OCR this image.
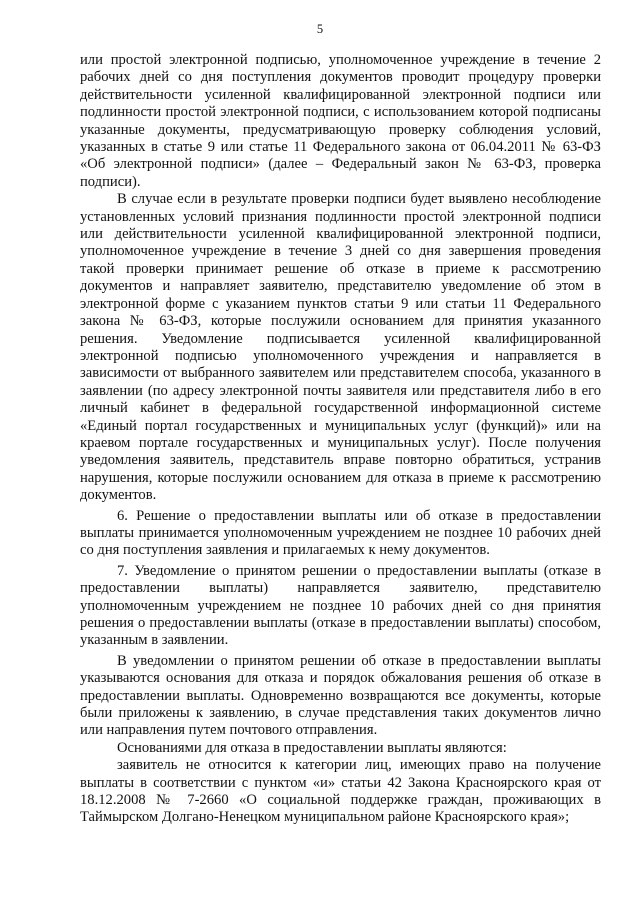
5

или простой электронной подписью, уполномоченное учреждение в течение 2 рабочих дней со дня поступления документов проводит процедуру проверки действительности усиленной квалифицированной электронной подписи или подлинности простой электронной подписи, с использованием которой подписаны указанные документы, предусматривающую проверку соблюдения условий, указанных в статье 9 или статье 11 Федерального закона от 06.04.2011 № 63-ФЗ «Об электронной подписи» (далее – Федеральный закон № 63-ФЗ, проверка подписи).

В случае если в результате проверки подписи будет выявлено несоблюдение установленных условий признания подлинности простой электронной подписи или действительности усиленной квалифицированной электронной подписи, уполномоченное учреждение в течение 3 дней со дня завершения проведения такой проверки принимает решение об отказе в приеме к рассмотрению документов и направляет заявителю, представителю уведомление об этом в электронной форме с указанием пунктов статьи 9 или статьи 11 Федерального закона № 63-ФЗ, которые послужили основанием для принятия указанного решения. Уведомление подписывается усиленной квалифицированной электронной подписью уполномоченного учреждения и направляется в зависимости от выбранного заявителем или представителем способа, указанного в заявлении (по адресу электронной почты заявителя или представителя либо в его личный кабинет в федеральной государственной информационной системе «Единый портал государственных и муниципальных услуг (функций)» или на краевом портале государственных и муниципальных услуг). После получения уведомления заявитель, представитель вправе повторно обратиться, устранив нарушения, которые послужили основанием для отказа в приеме к рассмотрению документов.

6. Решение о предоставлении выплаты или об отказе в предоставлении выплаты принимается уполномоченным учреждением не позднее 10 рабочих дней со дня поступления заявления и прилагаемых к нему документов.

7. Уведомление о принятом решении о предоставлении выплаты (отказе в предоставлении выплаты) направляется заявителю, представителю уполномоченным учреждением не позднее 10 рабочих дней со дня принятия решения о предоставлении выплаты (отказе в предоставлении выплаты) способом, указанным в заявлении.

В уведомлении о принятом решении об отказе в предоставлении выплаты указываются основания для отказа и порядок обжалования решения об отказе в предоставлении выплаты. Одновременно возвращаются все документы, которые были приложены к заявлению, в случае представления таких документов лично или направления путем почтового отправления.

Основаниями для отказа в предоставлении выплаты являются:

заявитель не относится к категории лиц, имеющих право на получение выплаты в соответствии с пунктом «и» статьи 42 Закона Красноярского края от 18.12.2008 № 7-2660 «О социальной поддержке граждан, проживающих в Таймырском Долгано-Ненецком муниципальном районе Красноярского края»;
